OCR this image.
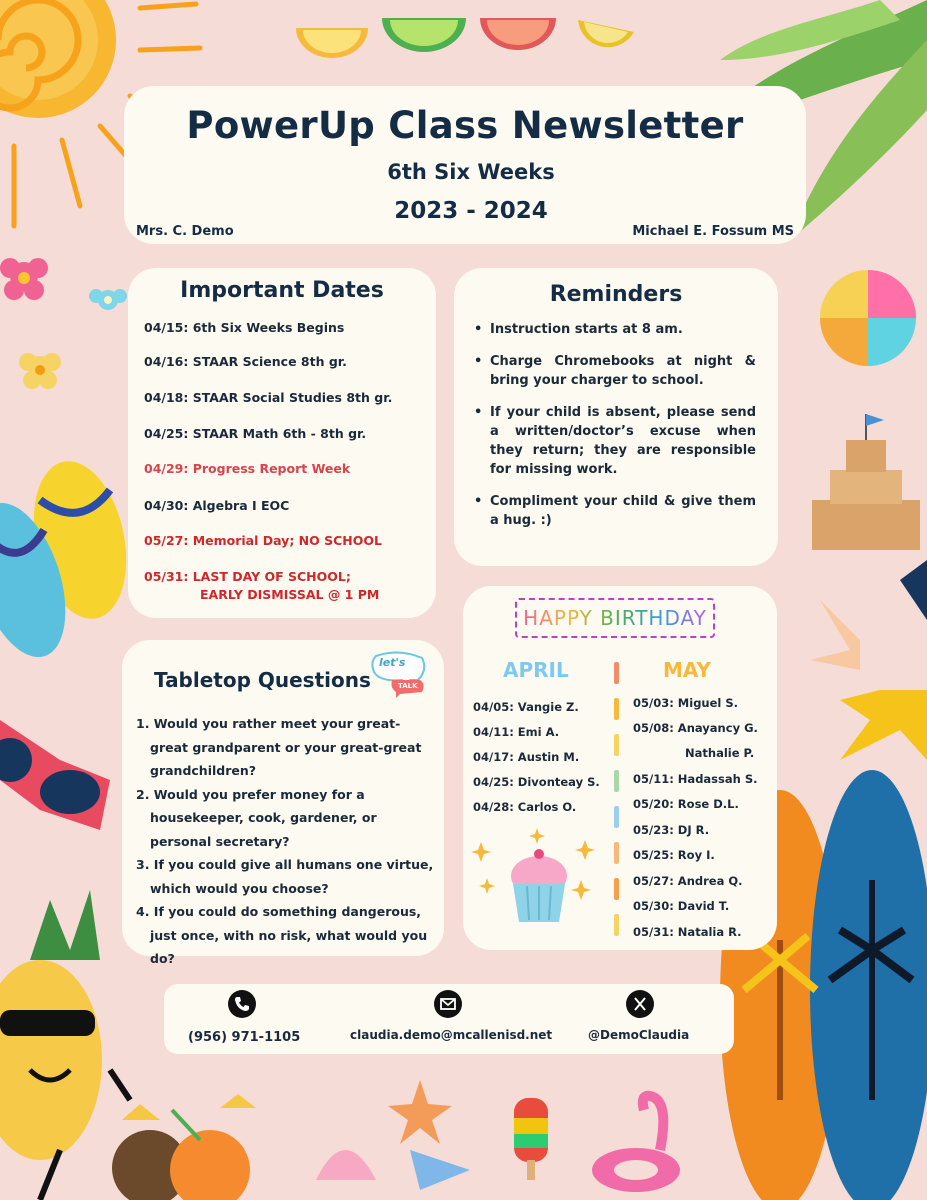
PowerUp Class Newsletter
6th Six Weeks
2023 - 2024
Mrs. C. Demo	Michael E. Fossum MS
Important Dates
04/15: 6th Six Weeks Begins
04/16: STAAR Science 8th gr.
04/18: STAAR Social Studies 8th gr.
04/25: STAAR Math 6th - 8th gr.
04/29: Progress Report Week
04/30: Algebra I EOC
05/27: Memorial Day; NO SCHOOL
05/31: LAST DAY OF SCHOOL;
EARLY DISMISSAL @ 1 PM
Reminders
• Instruction starts at 8 am.
• Charge Chromebooks at night & bring your charger to school.
• If your child is absent, please send a written/doctor’s excuse when they return; they are responsible for missing work.
• Compliment your child & give them a hug. :)
Tabletop Questions
let's
TALK
1. Would you rather meet your great-great grandparent or your great-great grandchildren?
2. Would you prefer money for a housekeeper, cook, gardener, or personal secretary?
3. If you could give all humans one virtue, which would you choose?
4. If you could do something dangerous, just once, with no risk, what would you do?
HAPPY BIRTHDAY
APRIL	MAY
04/05: Vangie Z.
04/11: Emi A.
04/17: Austin M.
04/25: Divonteay S.
04/28: Carlos O.
05/03: Miguel S.
05/08: Anayancy G.
Nathalie P.
05/11: Hadassah S.
05/20: Rose D.L.
05/23: DJ R.
05/25: Roy I.
05/27: Andrea Q.
05/30: David T.
05/31: Natalia R.
(956) 971-1105	claudia.demo@mcallenisd.net	@DemoClaudia
